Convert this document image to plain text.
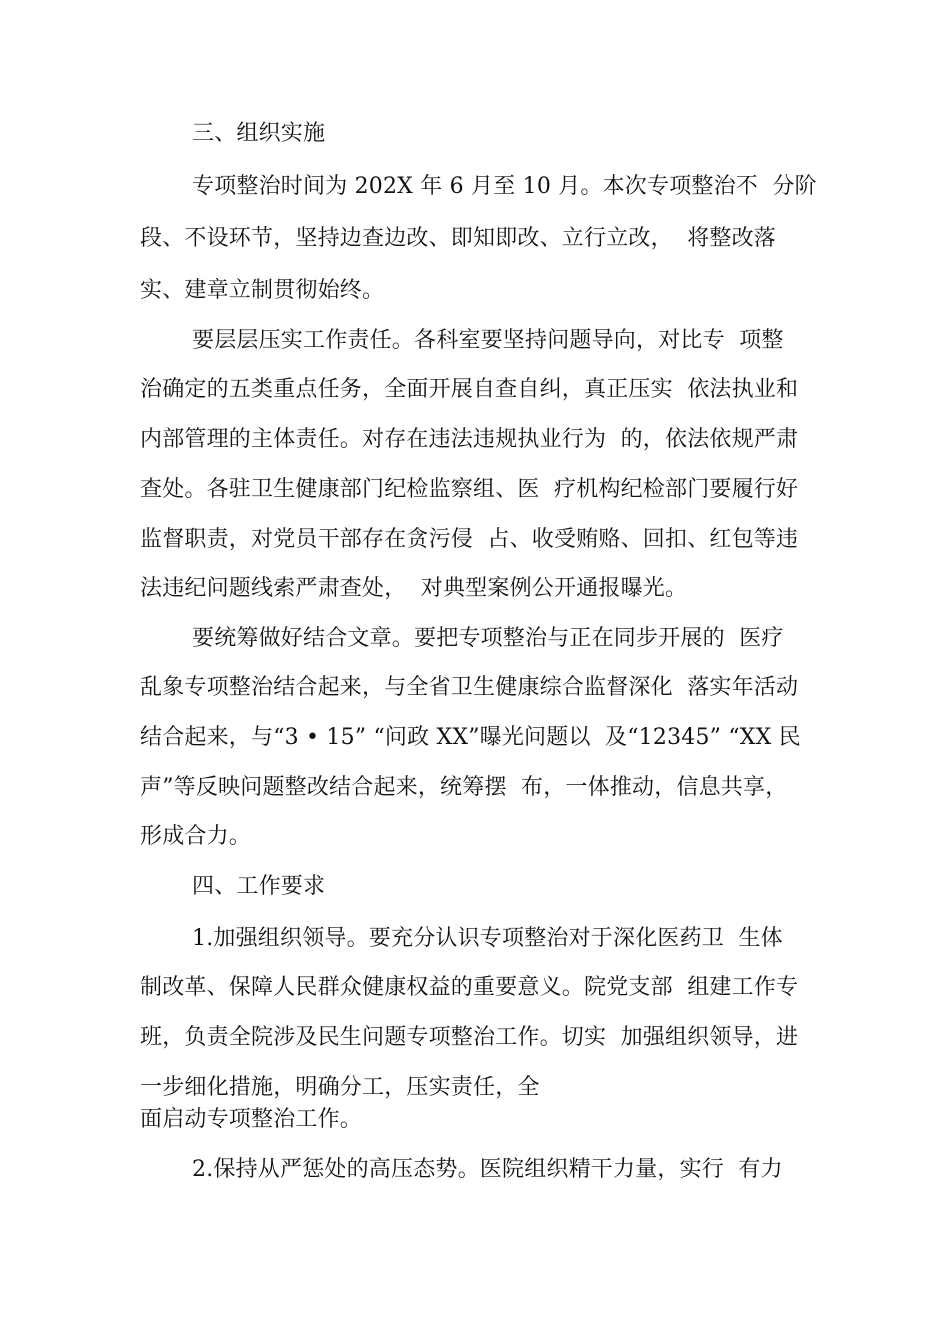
三、组织实施
专项整治时间为 202X 年 6 月至 10 月。本次专项整治不  分阶
段、不设环节，坚持边查边改、即知即改、立行立改，  将整改落
实、建章立制贯彻始终。
要层层压实工作责任。各科室要坚持问题导向，对比专  项整
治确定的五类重点任务，全面开展自查自纠，真正压实  依法执业和
内部管理的主体责任。对存在违法违规执业行为  的，依法依规严肃
查处。各驻卫生健康部门纪检监察组、医  疗机构纪检部门要履行好
监督职责，对党员干部存在贪污侵  占、收受贿赂、回扣、红包等违
法违纪问题线索严肃查处，  对典型案例公开通报曝光。
要统筹做好结合文章。要把专项整治与正在同步开展的  医疗
乱象专项整治结合起来，与全省卫生健康综合监督深化  落实年活动
结合起来，与“3 • 15” “问政 XX”曝光问题以  及“12345” “XX 民
声”等反映问题整改结合起来，统筹摆  布，一体推动，信息共享，
形成合力。
四、工作要求
1.加强组织领导。要充分认识专项整治对于深化医药卫  生体
制改革、保障人民群众健康权益的重要意义。院党支部  组建工作专
班，负责全院涉及民生问题专项整治工作。切实  加强组织领导，进
一步细化措施，明确分工，压实责任，全
面启动专项整治工作。
2.保持从严惩处的高压态势。医院组织精干力量，实行  有力
